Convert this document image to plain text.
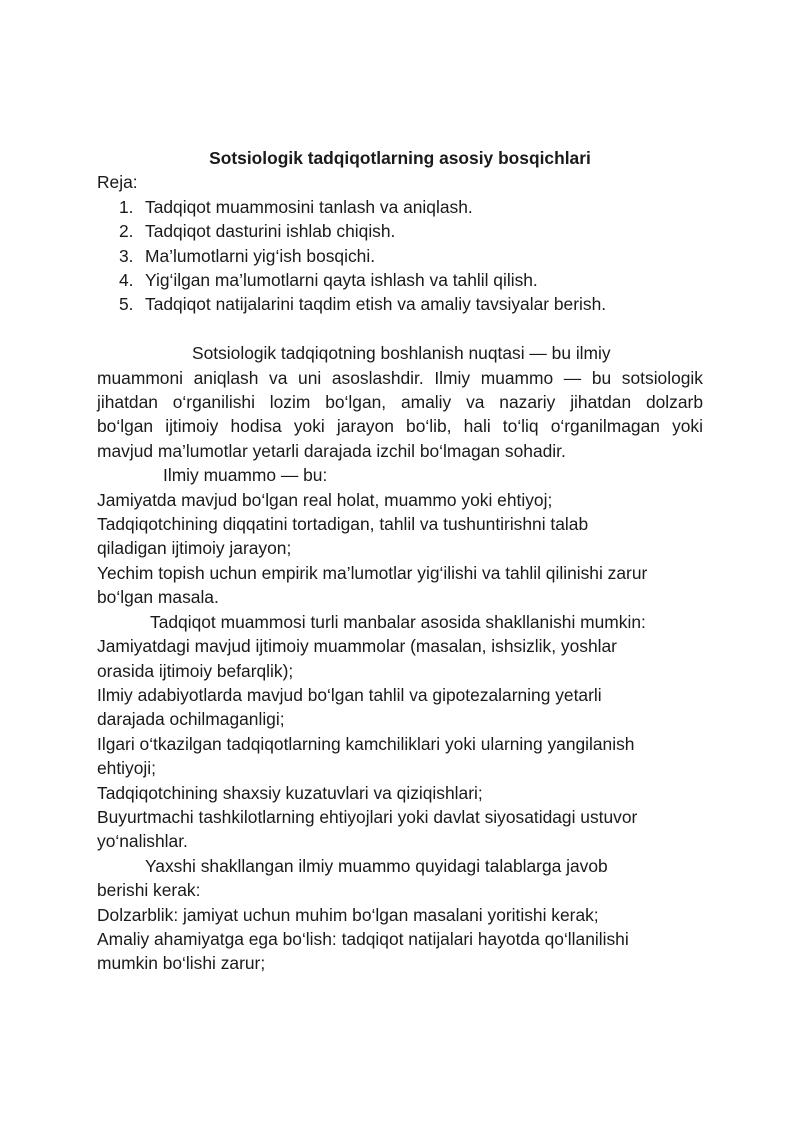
Sotsiologik tadqiqotlarning asosiy bosqichlari

Reja:

1. Tadqiqot muammosini tanlash va aniqlash.
2. Tadqiqot dasturini ishlab chiqish.
3. Ma’lumotlarni yig‘ish bosqichi.
4. Yig‘ilgan ma’lumotlarni qayta ishlash va tahlil qilish.
5. Tadqiqot natijalarini taqdim etish va amaliy tavsiyalar berish.

Sotsiologik tadqiqotning boshlanish nuqtasi — bu ilmiy

muammoni aniqlash va uni asoslashdir. Ilmiy muammo — bu sotsiologik

jihatdan o‘rganilishi lozim bo‘lgan, amaliy va nazariy jihatdan dolzarb

bo‘lgan ijtimoiy hodisa yoki jarayon bo‘lib, hali to‘liq o‘rganilmagan yoki

mavjud ma’lumotlar yetarli darajada izchil bo‘lmagan sohadir.

Ilmiy muammo — bu:

Jamiyatda mavjud bo‘lgan real holat, muammo yoki ehtiyoj;

Tadqiqotchining diqqatini tortadigan, tahlil va tushuntirishni talab

qiladigan ijtimoiy jarayon;

Yechim topish uchun empirik ma’lumotlar yig‘ilishi va tahlil qilinishi zarur

bo‘lgan masala.

Tadqiqot muammosi turli manbalar asosida shakllanishi mumkin:

Jamiyatdagi mavjud ijtimoiy muammolar (masalan, ishsizlik, yoshlar

orasida ijtimoiy befarqlik);

Ilmiy adabiyotlarda mavjud bo‘lgan tahlil va gipotezalarning yetarli

darajada ochilmaganligi;

Ilgari o‘tkazilgan tadqiqotlarning kamchiliklari yoki ularning yangilanish

ehtiyoji;

Tadqiqotchining shaxsiy kuzatuvlari va qiziqishlari;

Buyurtmachi tashkilotlarning ehtiyojlari yoki davlat siyosatidagi ustuvor

yo‘nalishlar.

Yaxshi shakllangan ilmiy muammo quyidagi talablarga javob

berishi kerak:

Dolzarblik: jamiyat uchun muhim bo‘lgan masalani yoritishi kerak;

Amaliy ahamiyatga ega bo‘lish: tadqiqot natijalari hayotda qo‘llanilishi

mumkin bo‘lishi zarur;
